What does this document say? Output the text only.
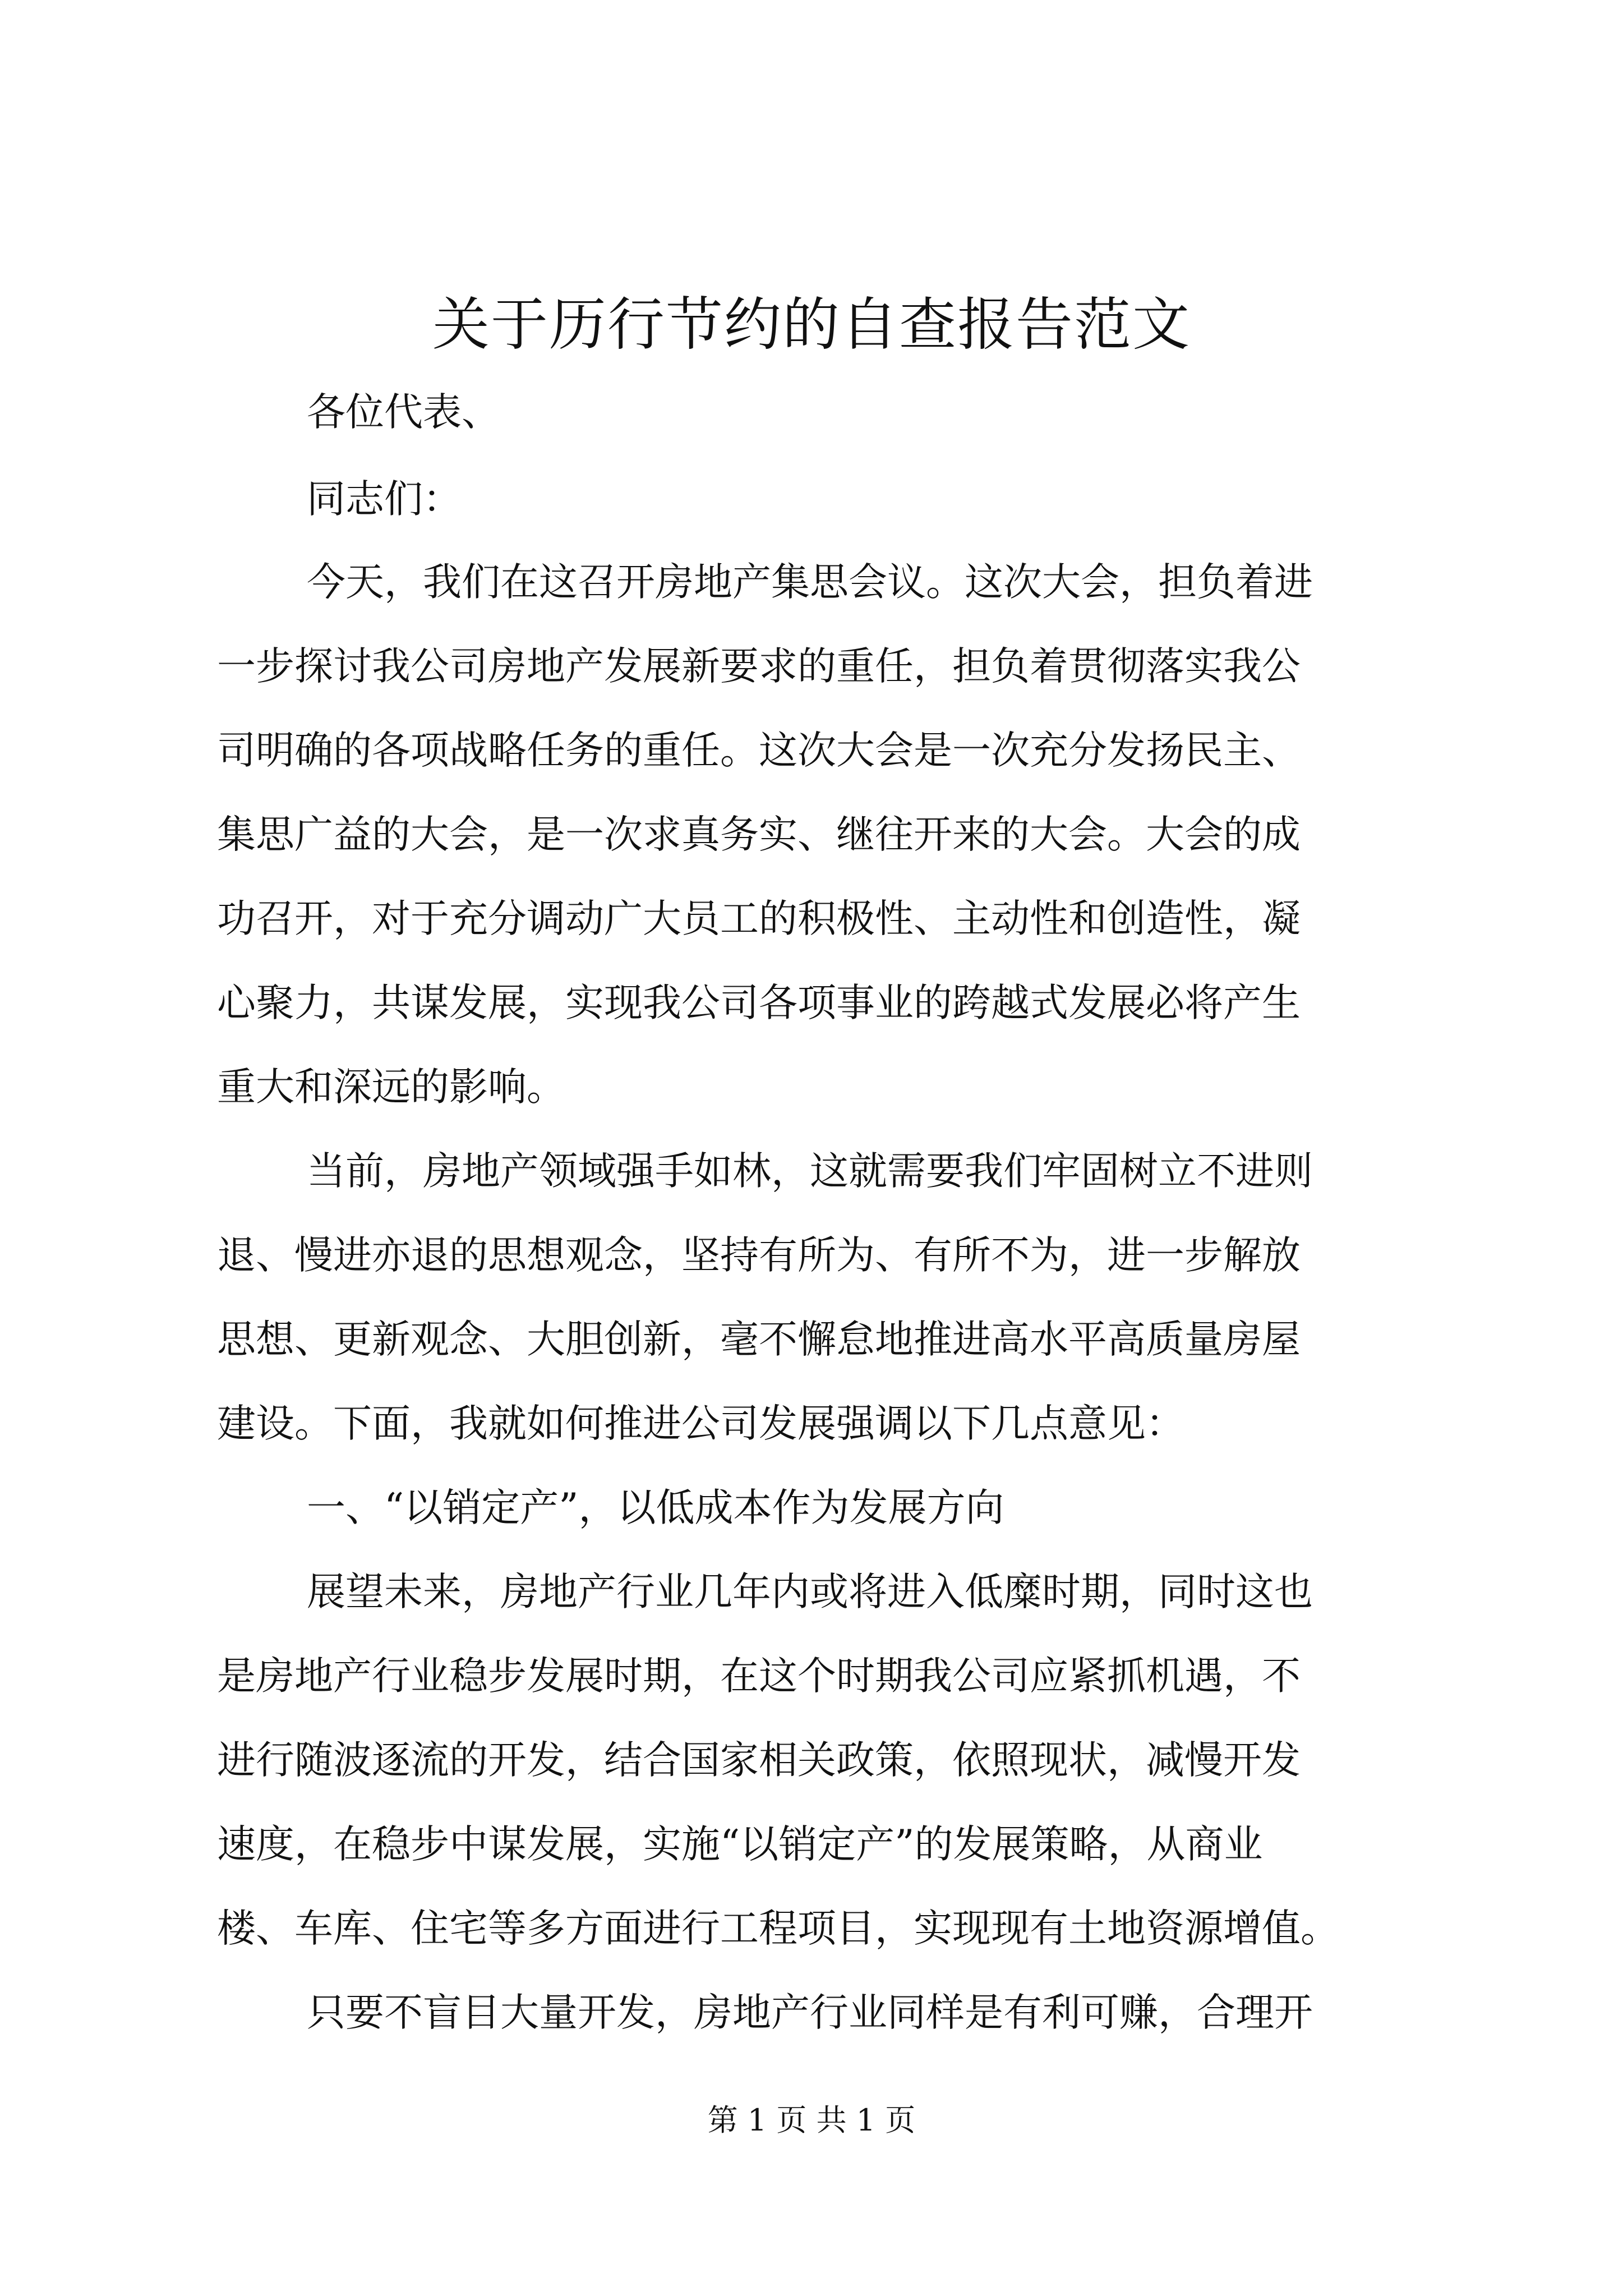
关于历行节约的自查报告范文

各位代表、

同志们：

今天，我们在这召开房地产集思会议。这次大会，担负着进

一步探讨我公司房地产发展新要求的重任，担负着贯彻落实我公

司明确的各项战略任务的重任。这次大会是一次充分发扬民主、

集思广益的大会，是一次求真务实、继往开来的大会。大会的成

功召开，对于充分调动广大员工的积极性、主动性和创造性，凝

心聚力，共谋发展，实现我公司各项事业的跨越式发展必将产生

重大和深远的影响。

当前，房地产领域强手如林，这就需要我们牢固树立不进则

退、慢进亦退的思想观念，坚持有所为、有所不为，进一步解放

思想、更新观念、大胆创新，毫不懈怠地推进高水平高质量房屋

建设。下面，我就如何推进公司发展强调以下几点意见：

一、“以销定产”，以低成本作为发展方向

展望未来，房地产行业几年内或将进入低糜时期，同时这也

是房地产行业稳步发展时期，在这个时期我公司应紧抓机遇，不

进行随波逐流的开发，结合国家相关政策，依照现状，减慢开发

速度，在稳步中谋发展，实施“以销定产”的发展策略，从商业

楼、车库、住宅等多方面进行工程项目，实现现有土地资源增值。

只要不盲目大量开发，房地产行业同样是有利可赚，合理开

第 1 页 共 1 页
